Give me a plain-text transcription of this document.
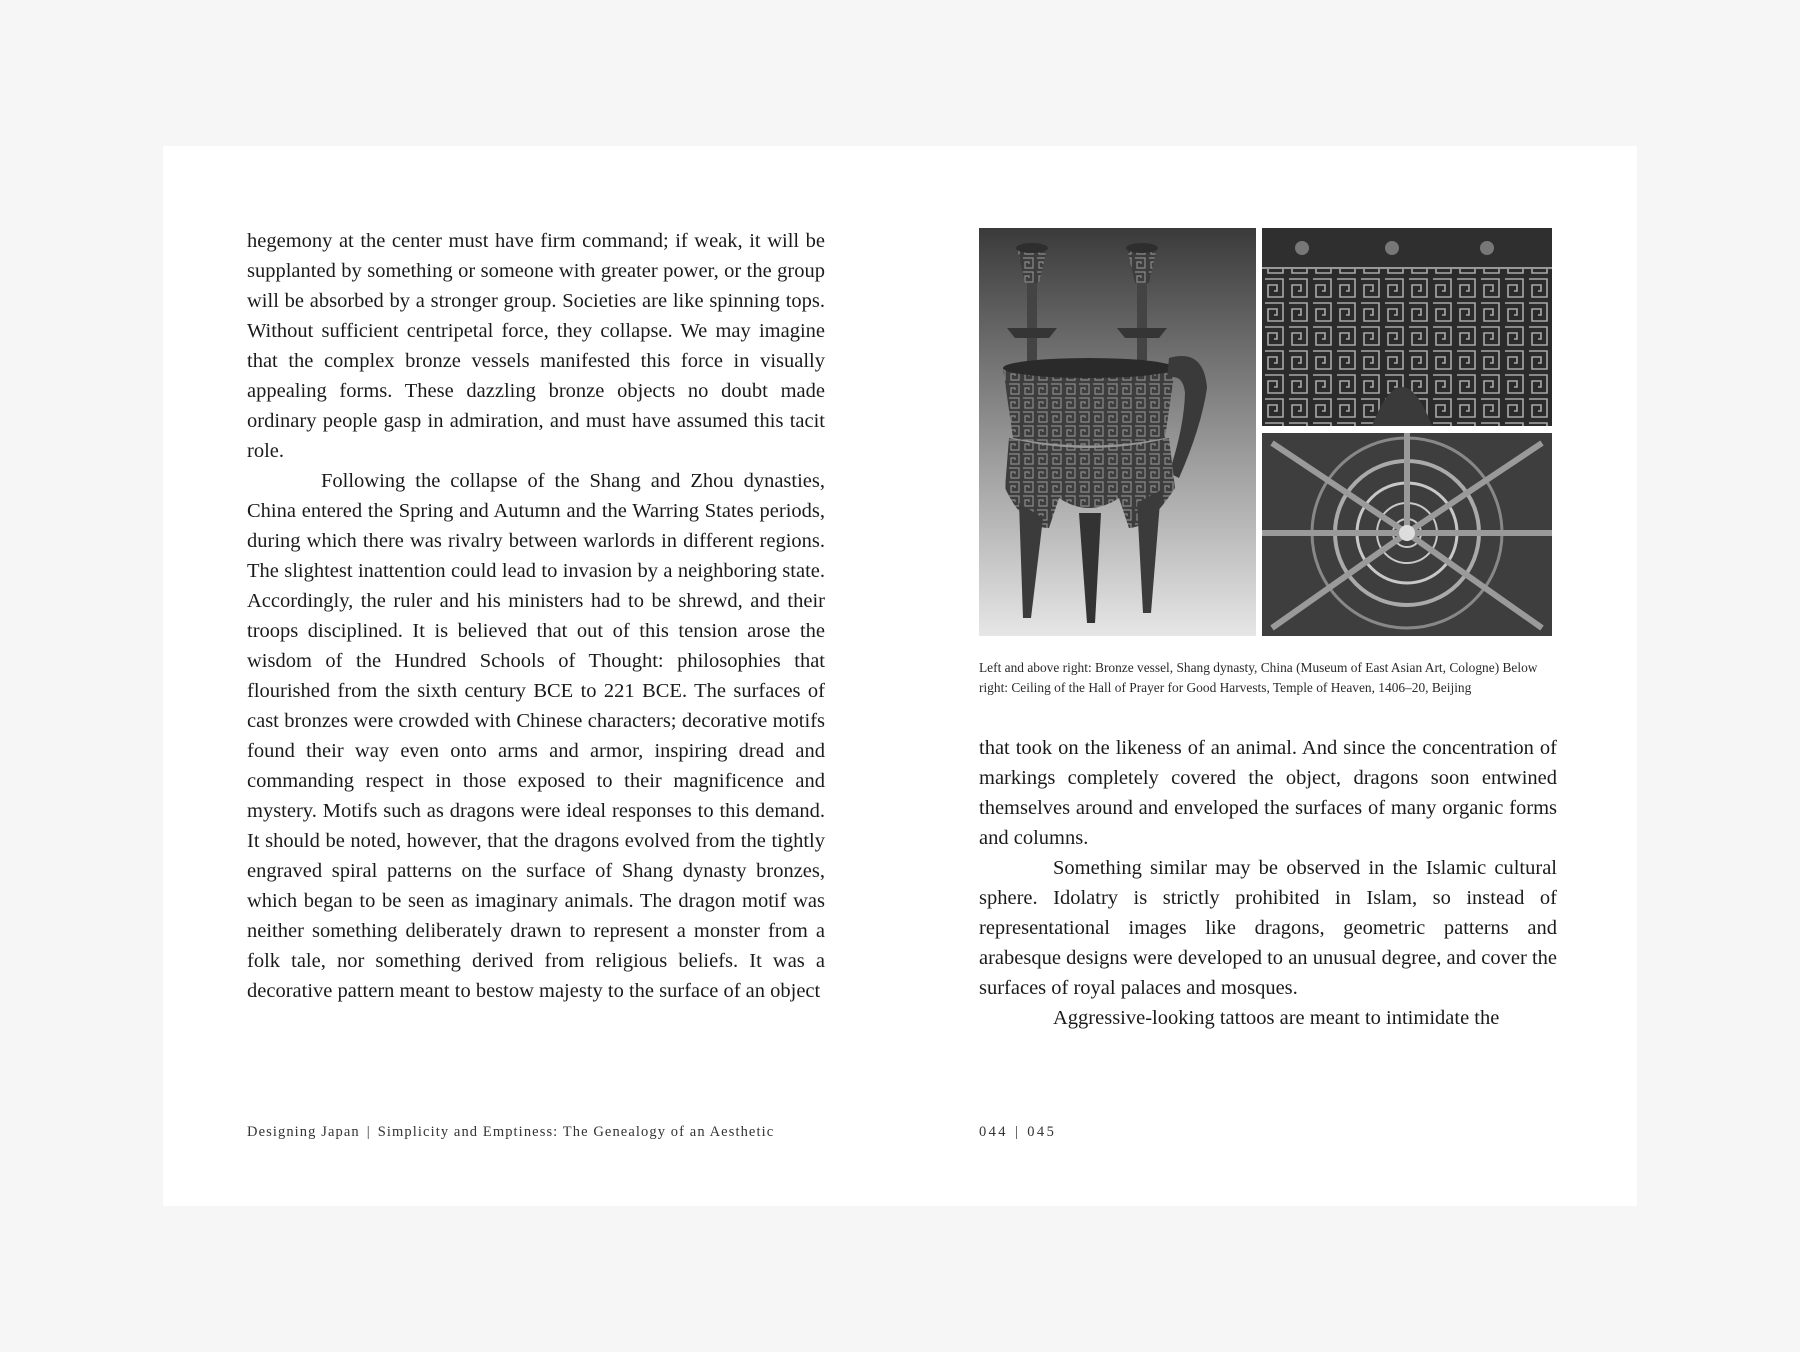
hegemony at the center must have firm command; if weak, it will be supplanted by something or someone with greater power, or the group will be absorbed by a stronger group. Societies are like spinning tops. Without sufficient centripetal force, they collapse. We may imagine that the complex bronze vessels manifested this force in visually appealing forms. These dazzling bronze objects no doubt made ordinary people gasp in admiration, and must have assumed this tacit role.

Following the collapse of the Shang and Zhou dynasties, China entered the Spring and Autumn and the Warring States periods, during which there was rivalry between warlords in different regions. The slightest inattention could lead to invasion by a neighboring state. Accordingly, the ruler and his ministers had to be shrewd, and their troops disciplined. It is believed that out of this tension arose the wisdom of the Hundred Schools of Thought: philosophies that flourished from the sixth century BCE to 221 BCE. The surfaces of cast bronzes were crowded with Chinese characters; decorative motifs found their way even onto arms and armor, inspiring dread and commanding respect in those exposed to their magnificence and mystery. Motifs such as dragons were ideal responses to this demand. It should be noted, however, that the dragons evolved from the tightly engraved spiral patterns on the surface of Shang dynasty bronzes, which began to be seen as imaginary animals. The dragon motif was neither something deliberately drawn to represent a monster from a folk tale, nor something derived from religious beliefs. It was a decorative pattern meant to bestow majesty to the surface of an object

Left and above right: Bronze vessel, Shang dynasty, China (Museum of East Asian Art, Cologne) Below right: Ceiling of the Hall of Prayer for Good Harvests, Temple of Heaven, 1406–20, Beijing

that took on the likeness of an animal. And since the concentration of markings completely covered the object, dragons soon entwined themselves around and enveloped the surfaces of many organic forms and columns.

Something similar may be observed in the Islamic cultural sphere. Idolatry is strictly prohibited in Islam, so instead of representational images like dragons, geometric patterns and arabesque designs were developed to an unusual degree, and cover the surfaces of royal palaces and mosques.

Aggressive-looking tattoos are meant to intimidate the

Designing Japan | Simplicity and Emptiness: The Genealogy of an Aesthetic	044 | 045
